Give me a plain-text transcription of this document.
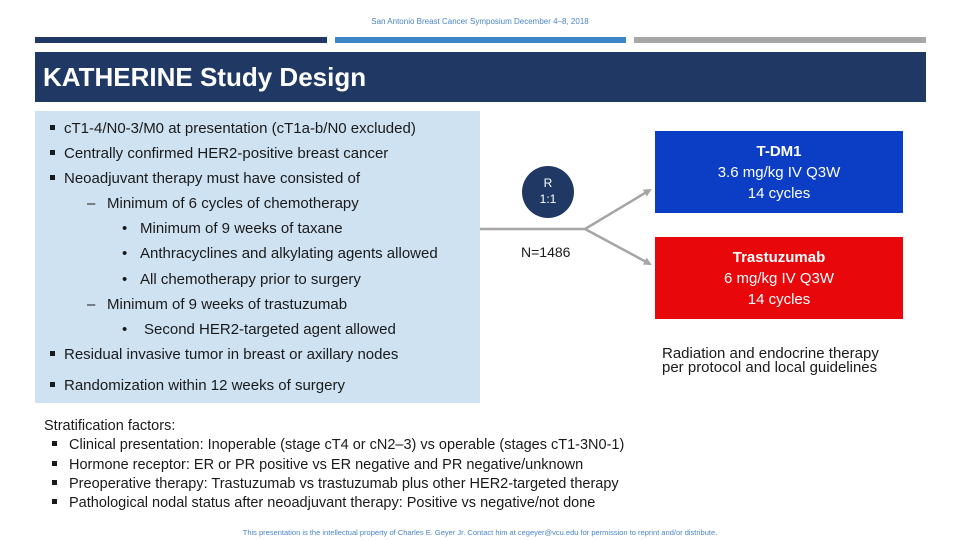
San Antonio Breast Cancer Symposium December 4–8, 2018
KATHERINE Study Design
cT1-4/N0-3/M0 at presentation (cT1a-b/N0 excluded)
Centrally confirmed HER2-positive breast cancer
Neoadjuvant therapy must have consisted of
– Minimum of 6 cycles of chemotherapy
• Minimum of 9 weeks of taxane
• Anthracyclines and alkylating agents allowed
• All chemotherapy prior to surgery
– Minimum of 9 weeks of trastuzumab
• Second HER2-targeted agent allowed
Residual invasive tumor in breast or axillary nodes
Randomization within 12 weeks of surgery
R
1:1
N=1486
T-DM1
3.6 mg/kg IV Q3W
14 cycles
Trastuzumab
6 mg/kg IV Q3W
14 cycles
Radiation and endocrine therapy
per protocol and local guidelines
Stratification factors:
Clinical presentation: Inoperable (stage cT4 or cN2–3) vs operable (stages cT1-3N0-1)
Hormone receptor: ER or PR positive vs ER negative and PR negative/unknown
Preoperative therapy: Trastuzumab vs trastuzumab plus other HER2-targeted therapy
Pathological nodal status after neoadjuvant therapy: Positive vs negative/not done
This presentation is the intellectual property of Charles E. Geyer Jr. Contact him at cegeyer@vcu.edu for permission to reprint and/or distribute.
